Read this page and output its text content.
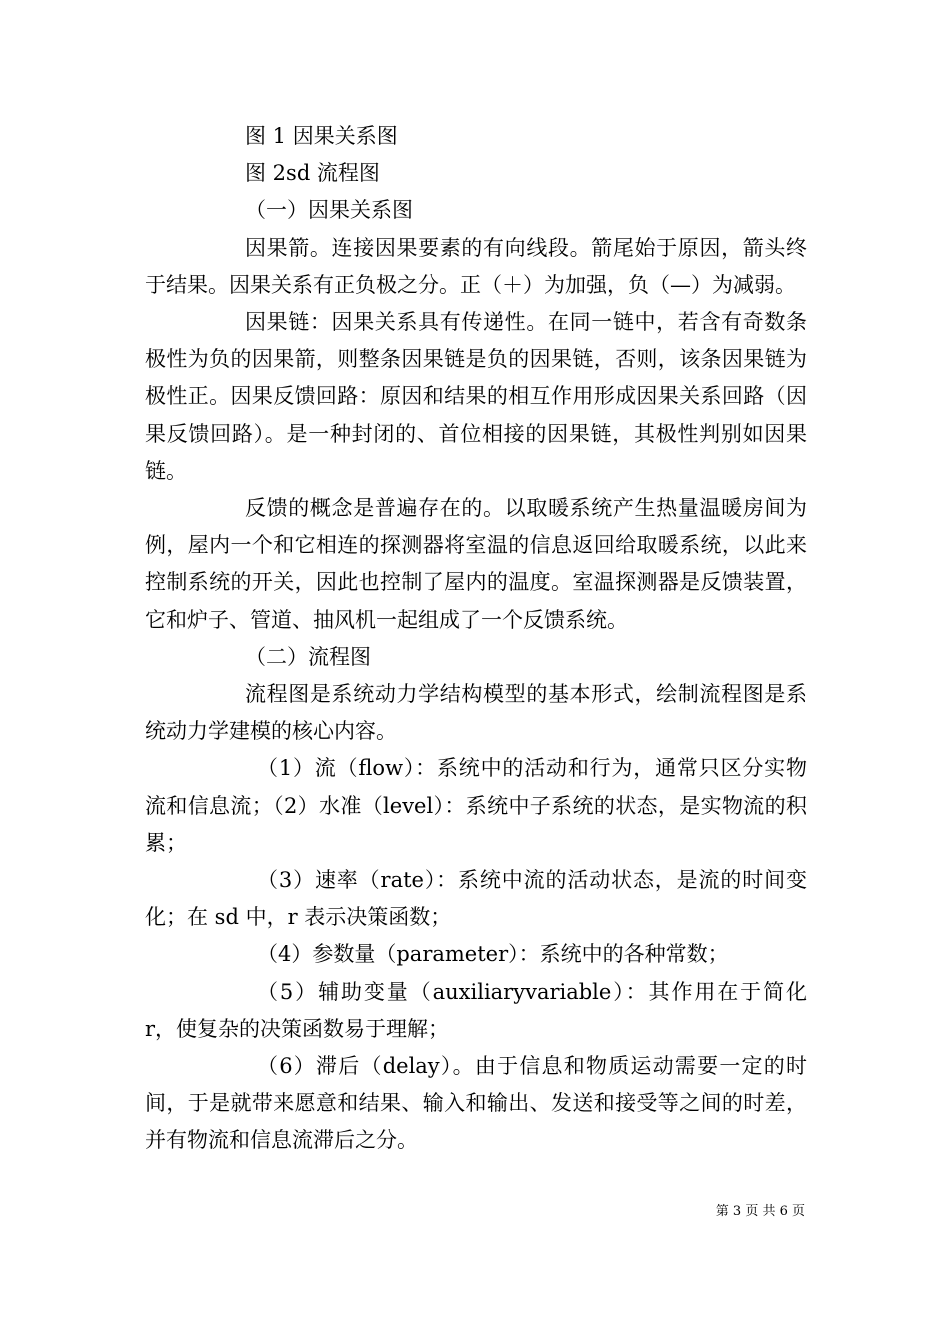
图 1 因果关系图

图 2sd 流程图

（一）因果关系图

因果箭。连接因果要素的有向线段。箭尾始于原因，箭头终于结果。因果关系有正负极之分。正（＋）为加强，负（—）为减弱。

因果链：因果关系具有传递性。在同一链中，若含有奇数条极性为负的因果箭，则整条因果链是负的因果链，否则，该条因果链为极性正。因果反馈回路：原因和结果的相互作用形成因果关系回路（因果反馈回路）。是一种封闭的、首位相接的因果链，其极性判别如因果链。

反馈的概念是普遍存在的。以取暖系统产生热量温暖房间为例，屋内一个和它相连的探测器将室温的信息返回给取暖系统，以此来控制系统的开关，因此也控制了屋内的温度。室温探测器是反馈装置，它和炉子、管道、抽风机一起组成了一个反馈系统。

（二）流程图

流程图是系统动力学结构模型的基本形式，绘制流程图是系统动力学建模的核心内容。

（1）流（flow）：系统中的活动和行为，通常只区分实物流和信息流；（2）水准（level）：系统中子系统的状态，是实物流的积累；

（3）速率（rate）：系统中流的活动状态，是流的时间变化；在 sd 中，r 表示决策函数；

（4）参数量（parameter）：系统中的各种常数；

（5）辅助变量（auxiliaryvariable）：其作用在于简化 r，使复杂的决策函数易于理解；

（6）滞后（delay）。由于信息和物质运动需要一定的时间，于是就带来愿意和结果、输入和输出、发送和接受等之间的时差，并有物流和信息流滞后之分。

第 3 页 共 6 页
